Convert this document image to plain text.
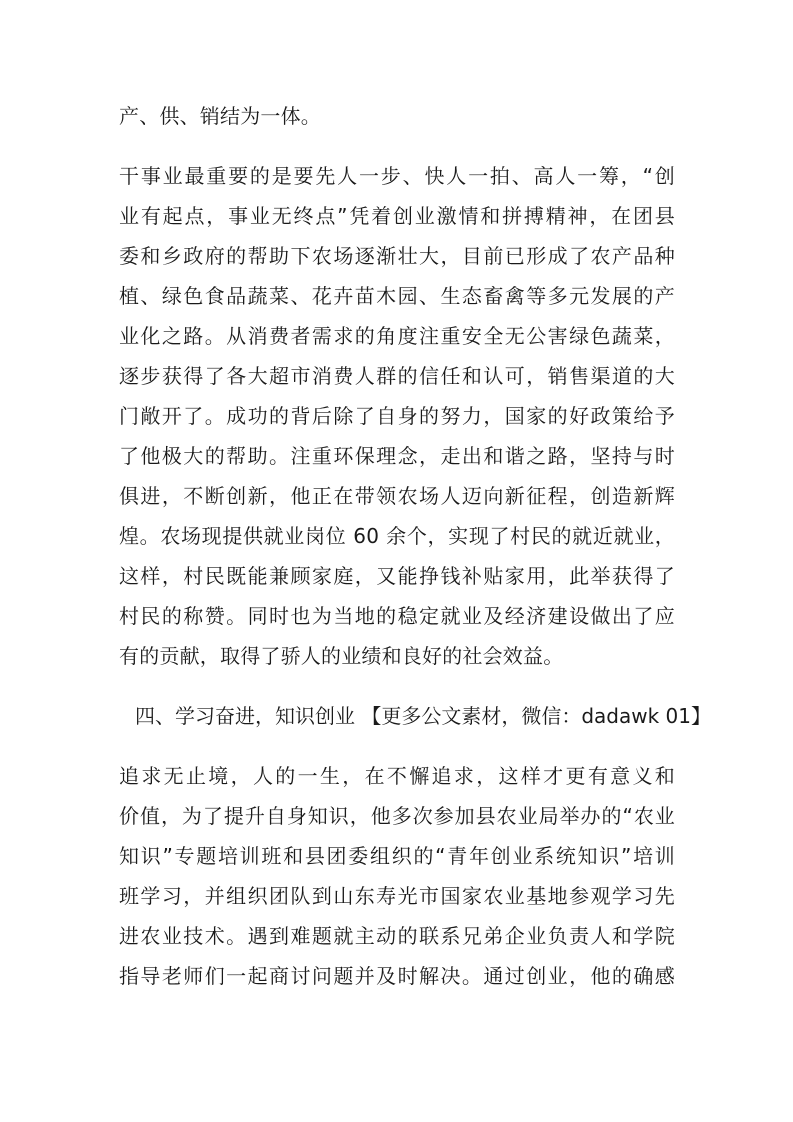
产、供、销结为一体。
干事业最重要的是要先人一步、快人一拍、高人一筹，“创
业有起点，事业无终点”凭着创业激情和拼搏精神，在团县
委和乡政府的帮助下农场逐渐壮大，目前已形成了农产品种
植、绿色食品蔬菜、花卉苗木园、生态畜禽等多元发展的产
业化之路。从消费者需求的角度注重安全无公害绿色蔬菜，
逐步获得了各大超市消费人群的信任和认可，销售渠道的大
门敞开了。成功的背后除了自身的努力，国家的好政策给予
了他极大的帮助。注重环保理念，走出和谐之路，坚持与时
俱进，不断创新，他正在带领农场人迈向新征程，创造新辉
煌。农场现提供就业岗位 60 余个，实现了村民的就近就业，
这样，村民既能兼顾家庭，又能挣钱补贴家用，此举获得了
村民的称赞。同时也为当地的稳定就业及经济建设做出了应
有的贡献，取得了骄人的业绩和良好的社会效益。
四、学习奋进，知识创业 【更多公文素材，微信：dadawk 01】
追求无止境，人的一生，在不懈追求，这样才更有意义和
价值，为了提升自身知识，他多次参加县农业局举办的“农业
知识”专题培训班和县团委组织的“青年创业系统知识”培训
班学习，并组织团队到山东寿光市国家农业基地参观学习先
进农业技术。遇到难题就主动的联系兄弟企业负责人和学院
指导老师们一起商讨问题并及时解决。通过创业，他的确感
